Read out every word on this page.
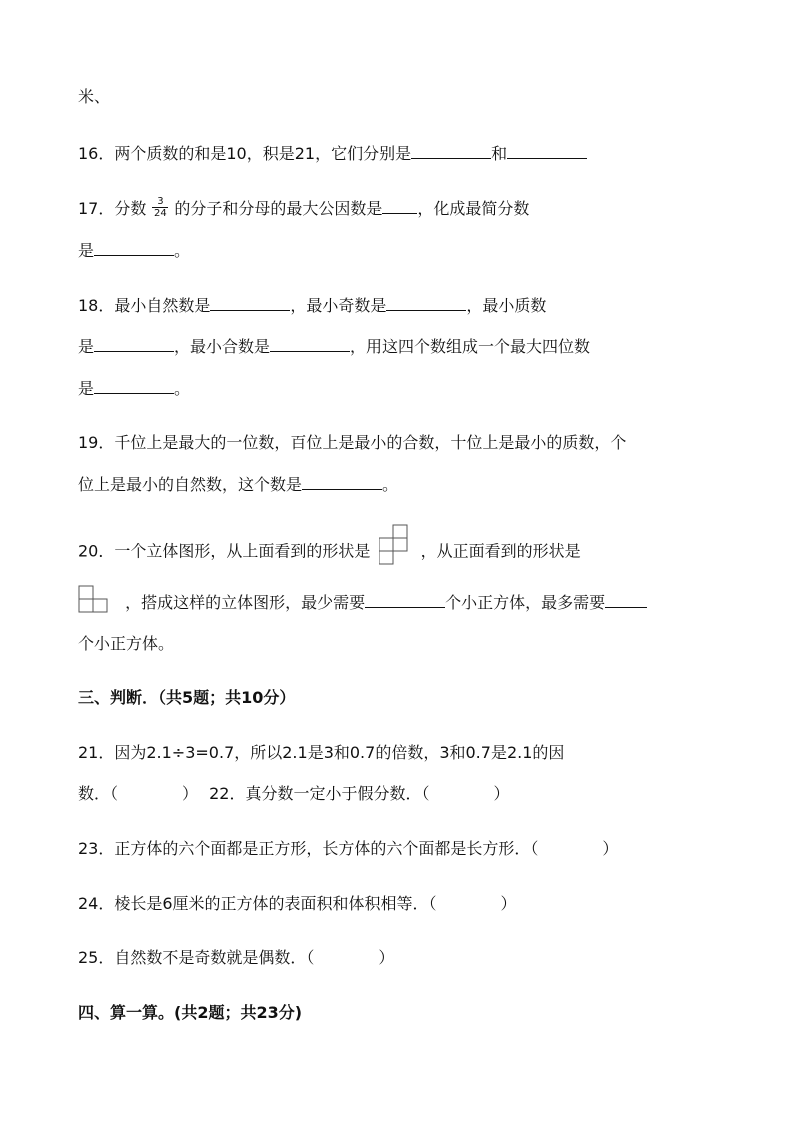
米、
16．两个质数的和是10，积是21，它们分别是	和
17．分数 $\frac{3}{24}$ 的分子和分母的最大公因数是 ，化成最简分数
是	。
18．最小自然数是	，最小奇数是	，最小质数
是	，最小合数是	，用这四个数组成一个最大四位数
是	。
19．千位上是最大的一位数，百位上是最小的合数，十位上是最小的质数，个
位上是最小的自然数，这个数是	。
20．一个立体图形，从上面看到的形状是	，从正面看到的形状是
，搭成这样的立体图形，最少需要	个小正方体，最多需要
个小正方体。
三、判断．（共5题；共10分）
21．因为2.1÷3=0.7，所以2.1是3和0.7的倍数，3和0.7是2.1的因
数．（	） 22．真分数一定小于假分数．（	）
23．正方体的六个面都是正方形，长方体的六个面都是长方形．（	）
24．棱长是6厘米的正方体的表面积和体积相等．（	）
25．自然数不是奇数就是偶数．（	）
四、算一算。(共2题；共23分)
